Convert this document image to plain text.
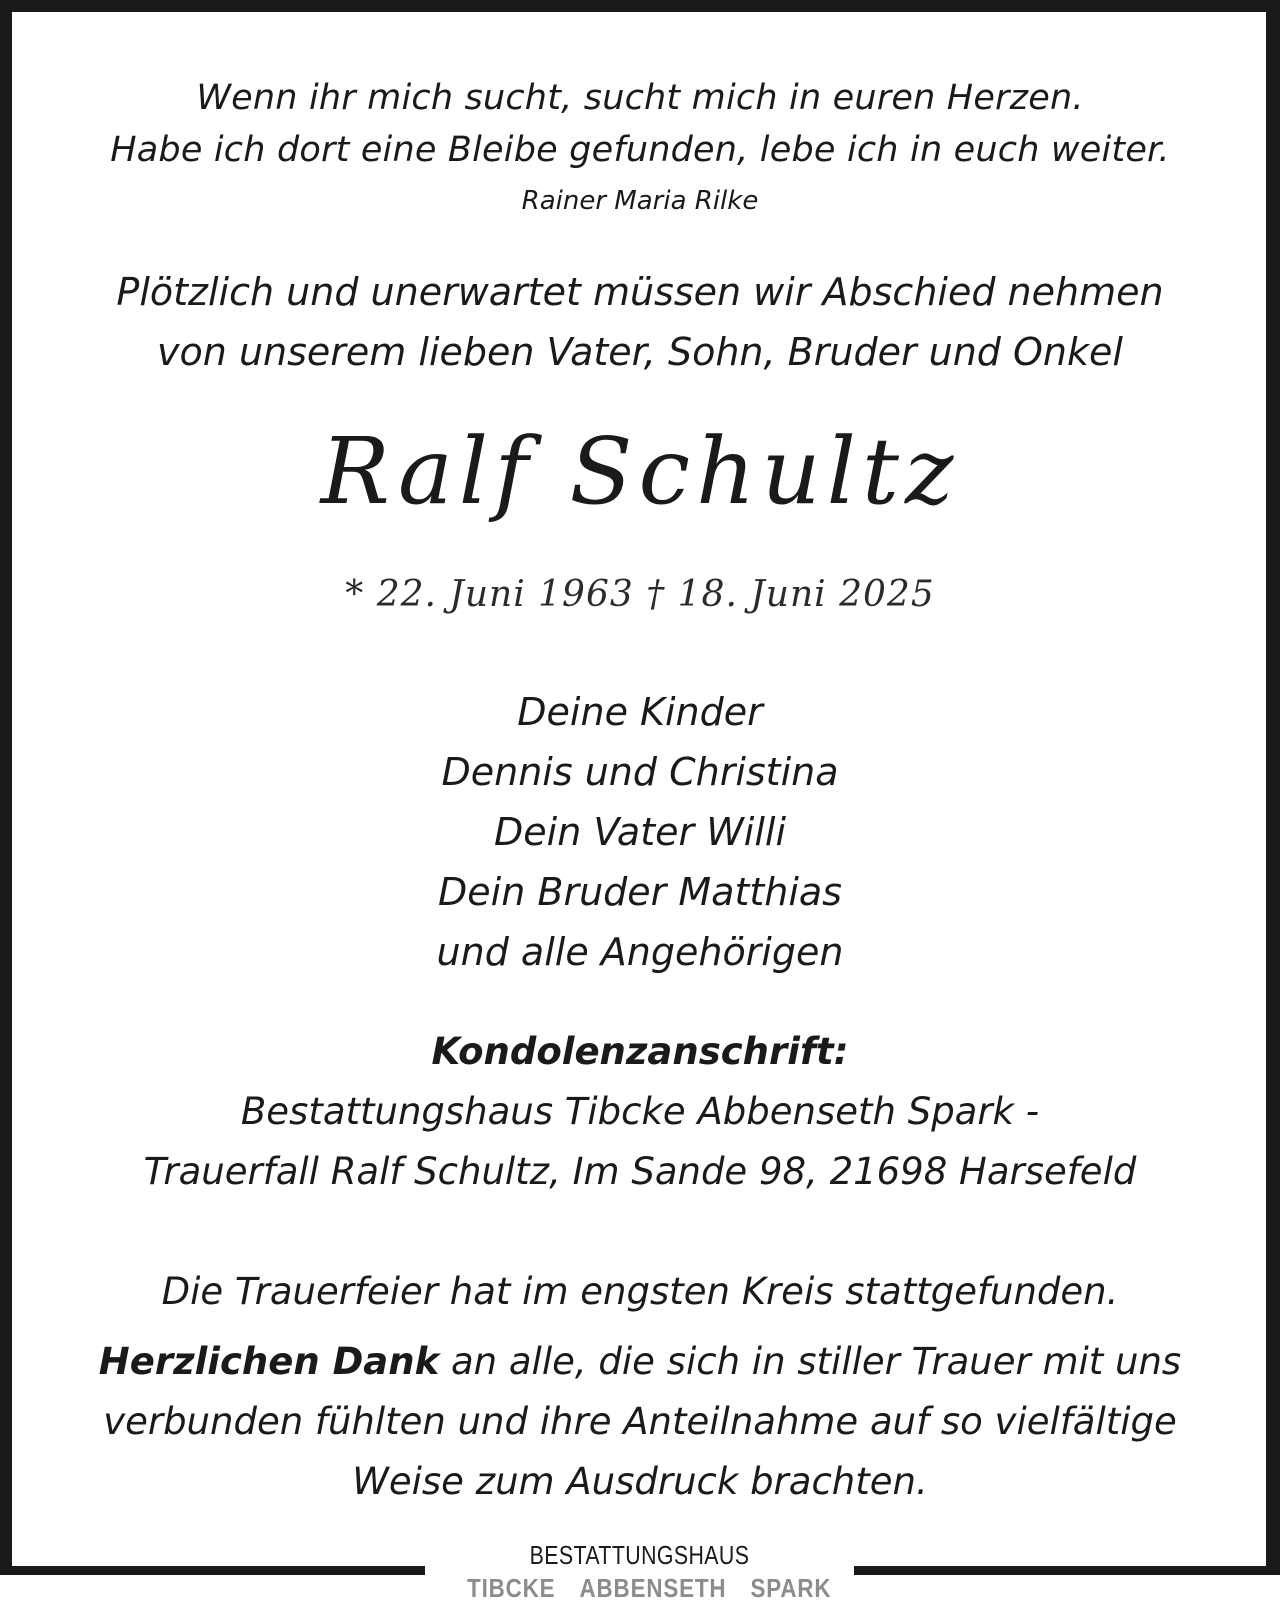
Wenn ihr mich sucht, sucht mich in euren Herzen.
Habe ich dort eine Bleibe gefunden, lebe ich in euch weiter.
Rainer Maria Rilke
Plötzlich und unerwartet müssen wir Abschied nehmen
von unserem lieben Vater, Sohn, Bruder und Onkel
Ralf Schultz
* 22. Juni 1963 † 18. Juni 2025
Deine Kinder
Dennis und Christina
Dein Vater Willi
Dein Bruder Matthias
und alle Angehörigen
Kondolenzanschrift:
Bestattungshaus Tibcke Abbenseth Spark -
Trauerfall Ralf Schultz, Im Sande 98, 21698 Harsefeld
Die Trauerfeier hat im engsten Kreis stattgefunden.
Herzlichen Dank an alle, die sich in stiller Trauer mit uns
verbunden fühlten und ihre Anteilnahme auf so vielfältige
Weise zum Ausdruck brachten.
BESTATTUNGSHAUS
TIBCKE ABBENSETH SPARK
